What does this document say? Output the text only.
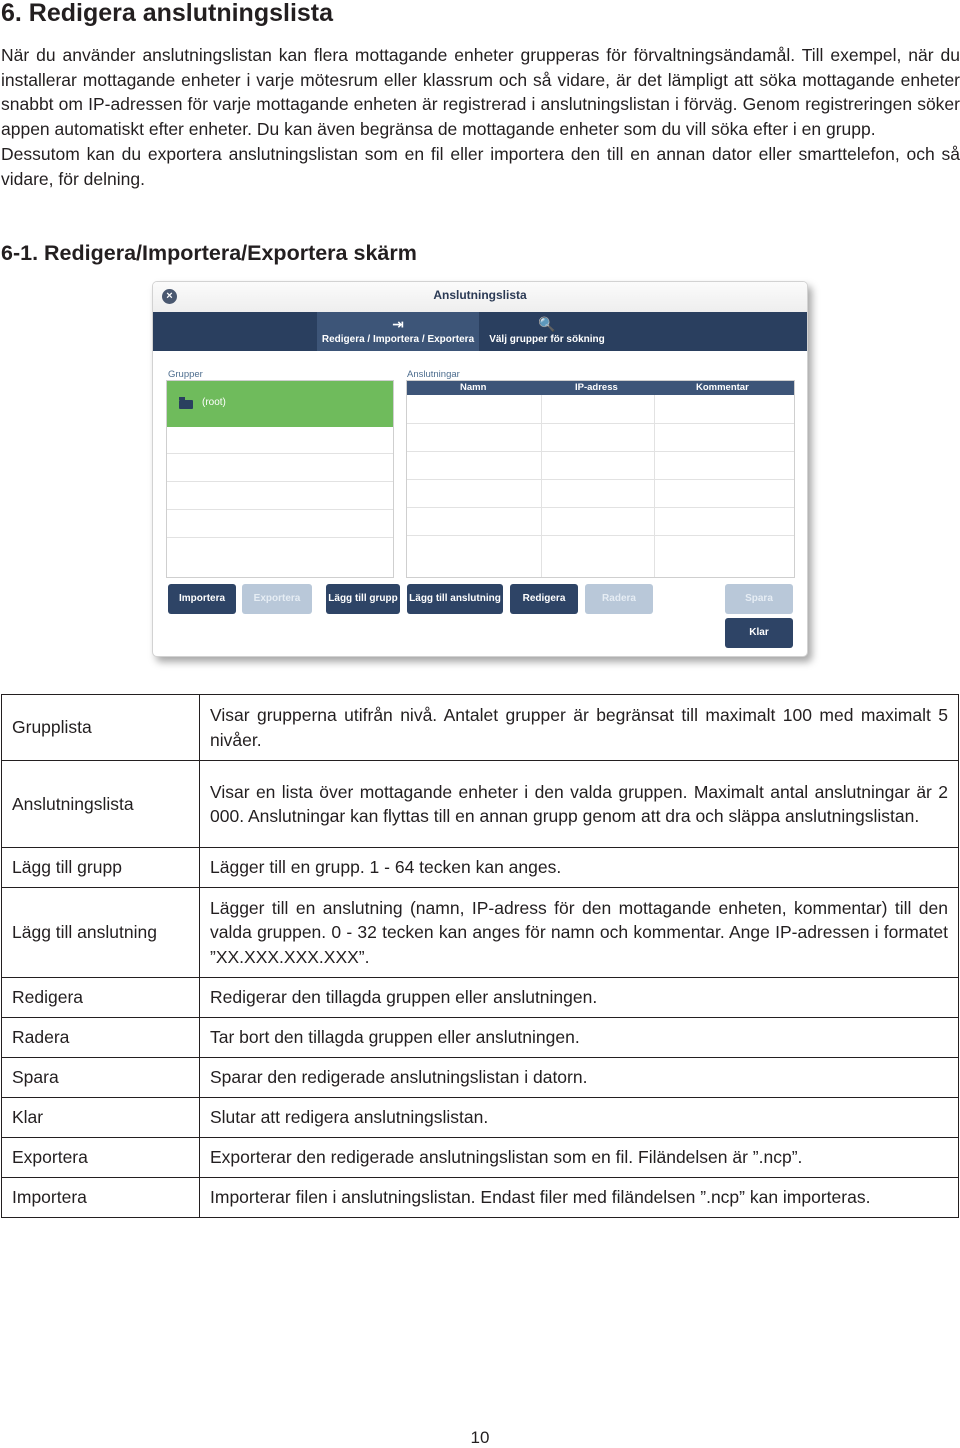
6. Redigera anslutningslista

När du använder anslutningslistan kan flera mottagande enheter grupperas för förvaltningsändamål. Till exempel, när du installerar mottagande enheter i varje mötesrum eller klassrum och så vidare, är det lämpligt att söka mottagande enheter snabbt om IP-adressen för varje mottagande enheten är registrerad i anslutningslistan i förväg. Genom registreringen söker appen automatiskt efter enheter. Du kan även begränsa de mottagande enheter som du vill söka efter i en grupp.

Dessutom kan du exportera anslutningslistan som en fil eller importera den till en annan dator eller smarttelefon, och så vidare, för delning.

6-1. Redigera/Importera/Exportera skärm
×	Anslutningslista
⇥
Redigera / Importera / Exportera
🔍
Välj grupper för sökning
Grupper
(root)
Anslutningar
Namn	IP-adress	Kommentar
Importera	Exportera	Lägg till grupp Lägg till anslutning	Redigera	Radera	Spara
Klar
Grupplista	Visar grupperna utifrån nivå. Antalet grupper är begränsat till maximalt 100 med maximalt 5 nivåer.
Anslutningslista	Visar en lista över mottagande enheter i den valda gruppen. Maximalt antal anslutningar är 2 000. Anslutningar kan flyttas till en annan grupp genom att dra och släppa anslutningslistan.
Lägg till grupp	Lägger till en grupp. 1 - 64 tecken kan anges.
Lägg till anslutning	Lägger till en anslutning (namn, IP-adress för den mottagande enheten, kommentar) till den valda gruppen. 0 - 32 tecken kan anges för namn och kommentar. Ange IP-adressen i formatet ”XX.XXX.XXX.XXX”.
Redigera	Redigerar den tillagda gruppen eller anslutningen.
Radera	Tar bort den tillagda gruppen eller anslutningen.
Spara	Sparar den redigerade anslutningslistan i datorn.
Klar	Slutar att redigera anslutningslistan.
Exportera	Exporterar den redigerade anslutningslistan som en fil. Filändelsen är ”.ncp”.
Importera	Importerar filen i anslutningslistan. Endast filer med filändelsen ”.ncp” kan importeras.
10
